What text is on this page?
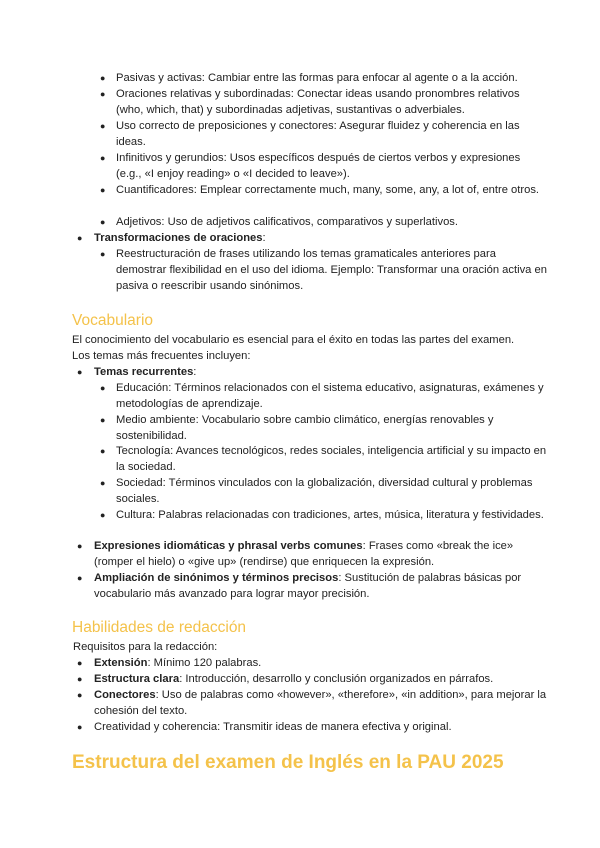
● Pasivas y activas: Cambiar entre las formas para enfocar al agente o a la acción.
● Oraciones relativas y subordinadas: Conectar ideas usando pronombres relativos (who, which, that) y subordinadas adjetivas, sustantivas o adverbiales.
● Uso correcto de preposiciones y conectores: Asegurar fluidez y coherencia en las ideas.
● Infinitivos y gerundios: Usos específicos después de ciertos verbos y expresiones (e.g., «I enjoy reading» o «I decided to leave»).
● Cuantificadores: Emplear correctamente much, many, some, any, a lot of, entre otros.
● Adjetivos: Uso de adjetivos calificativos, comparativos y superlativos.
● Transformaciones de oraciones:
● Reestructuración de frases utilizando los temas gramaticales anteriores para demostrar flexibilidad en el uso del idioma. Ejemplo: Transformar una oración activa en pasiva o reescribir usando sinónimos.
Vocabulario
El conocimiento del vocabulario es esencial para el éxito en todas las partes del examen. Los temas más frecuentes incluyen:
● Temas recurrentes:
● Educación: Términos relacionados con el sistema educativo, asignaturas, exámenes y metodologías de aprendizaje.
● Medio ambiente: Vocabulario sobre cambio climático, energías renovables y sostenibilidad.
● Tecnología: Avances tecnológicos, redes sociales, inteligencia artificial y su impacto en la sociedad.
● Sociedad: Términos vinculados con la globalización, diversidad cultural y problemas sociales.
● Cultura: Palabras relacionadas con tradiciones, artes, música, literatura y festividades.
● Expresiones idiomáticas y phrasal verbs comunes: Frases como «break the ice» (romper el hielo) o «give up» (rendirse) que enriquecen la expresión.
● Ampliación de sinónimos y términos precisos: Sustitución de palabras básicas por vocabulario más avanzado para lograr mayor precisión.
Habilidades de redacción
Requisitos para la redacción:
● Extensión: Mínimo 120 palabras.
● Estructura clara: Introducción, desarrollo y conclusión organizados en párrafos.
● Conectores: Uso de palabras como «however», «therefore», «in addition», para mejorar la cohesión del texto.
● Creatividad y coherencia: Transmitir ideas de manera efectiva y original.
Estructura del examen de Inglés en la PAU 2025
